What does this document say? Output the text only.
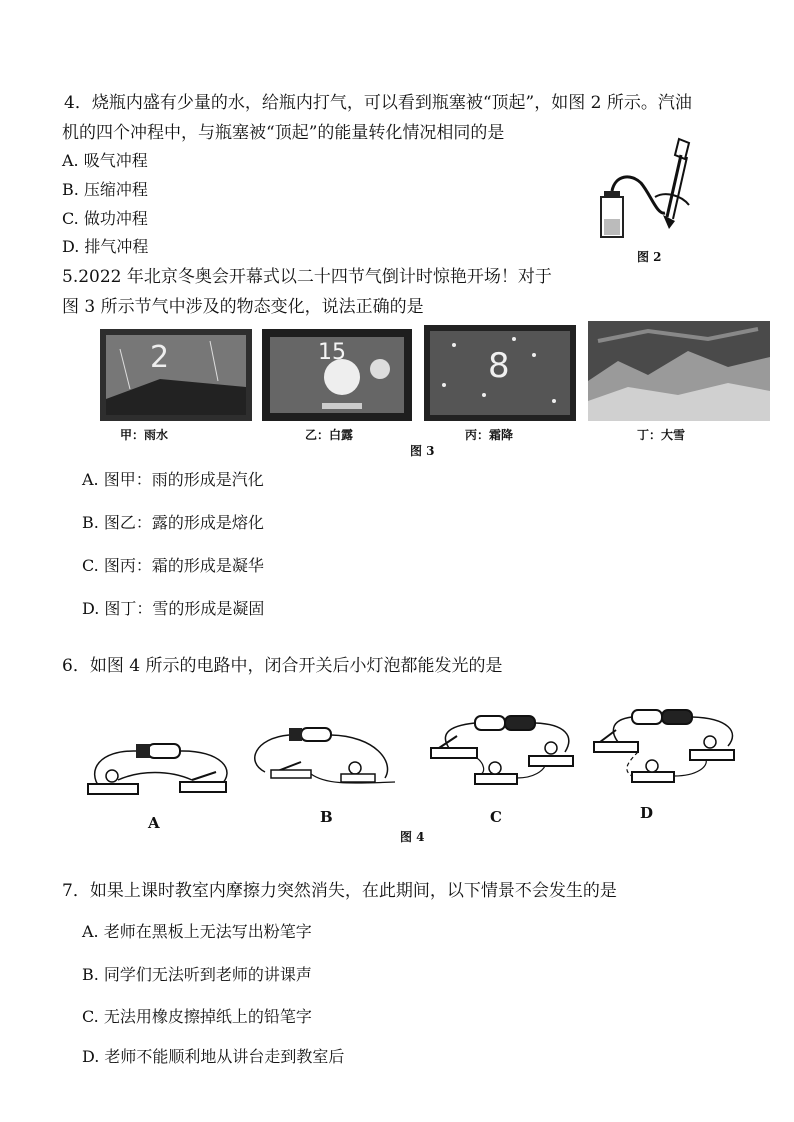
4．烧瓶内盛有少量的水，给瓶内打气，可以看到瓶塞被“顶起”，如图 2 所示。汽油
机的四个冲程中，与瓶塞被“顶起”的能量转化情况相同的是
A. 吸气冲程
B. 压缩冲程
C. 做功冲程
D. 排气冲程
图 2
5.2022 年北京冬奥会开幕式以二十四节气倒计时惊艳开场！对于
图 3 所示节气中涉及的物态变化，说法正确的是
2	15	8
甲：雨水	乙：白露	丙：霜降	丁：大雪
图 3
A. 图甲：雨的形成是汽化
B. 图乙：露的形成是熔化
C. 图丙：霜的形成是凝华
D. 图丁：雪的形成是凝固
6．如图 4 所示的电路中，闭合开关后小灯泡都能发光的是
A	B	C	D
图 4
7．如果上课时教室内摩擦力突然消失，在此期间，以下情景不会发生的是
A. 老师在黑板上无法写出粉笔字
B. 同学们无法听到老师的讲课声
C. 无法用橡皮擦掉纸上的铅笔字
D. 老师不能顺利地从讲台走到教室后
